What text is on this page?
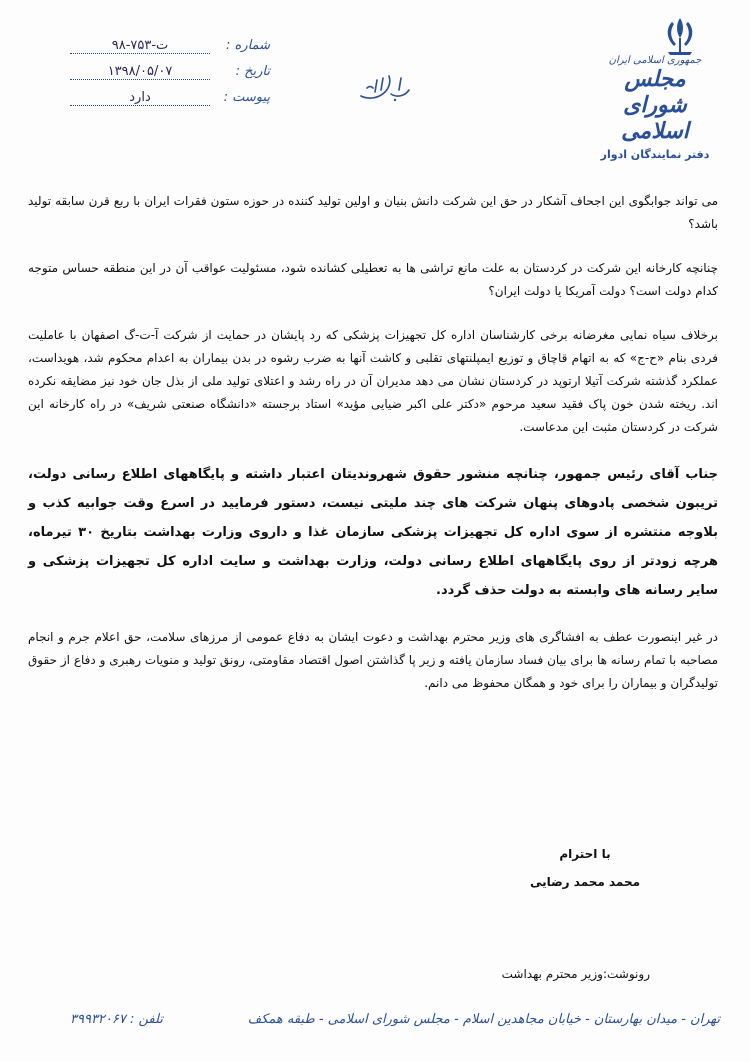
جمهوری اسلامی ایران
مجلس شورای اسلامی
دفتر نمایندگان ادوار
شماره :
ت-۷۵۳-۹۸
تاریخ :
۱۳۹۸/۰۵/۰۷
پیوست :
دارد

می تواند جوابگوی این اجحاف آشکار در حق این شرکت دانش بنیان و اولین تولید کننده در حوزه ستون فقرات ایران با ربع قرن سابقه تولید باشد؟

چنانچه کارخانه این شرکت در کردستان به علت مانع تراشی ها به تعطیلی کشانده شود، مسئولیت عواقب آن در این منطقه حساس متوجه کدام دولت است؟ دولت آمریکا یا دولت ایران؟

برخلاف سیاه نمایی مغرضانه برخی کارشناسان اداره کل تجهیزات پزشکی که رد پایشان در حمایت از شرکت آ-ت-گ اصفهان با عاملیت فردی بنام «ح-ج» که به اتهام قاچاق و توزیع ایمپلنتهای تقلبی و کاشت آنها به ضرب رشوه در بدن بیماران به اعدام محکوم شد، هویداست، عملکرد گذشته شرکت آتیلا ارتوپد در کردستان نشان می دهد مدیران آن در راه رشد و اعتلای تولید ملی از بذل جان خود نیز مضایقه نکرده اند. ریخته شدن خون پاک فقید سعید مرحوم «دکتر علی اکبر ضیایی مؤید» استاد برجسته «دانشگاه صنعتی شریف» در راه کارخانه این شرکت در کردستان مثبت این مدعاست.

جناب آقای رئیس جمهور، چنانچه منشور حقوق شهروندیتان اعتبار داشته و پایگاههای اطلاع رسانی دولت، تریبون شخصی پادوهای پنهان شرکت های چند ملیتی نیست، دستور فرمایید در اسرع وقت جوابیه کذب و بلاوجه منتشره از سوی اداره کل تجهیزات پزشکی سازمان غذا و داروی وزارت بهداشت بتاریخ ۳۰ تیرماه، هرچه زودتر از روی پایگاههای اطلاع رسانی دولت، وزارت بهداشت و سایت اداره کل تجهیزات پزشکی و سایر رسانه های وابسته به دولت حذف گردد.

در غیر اینصورت عطف به افشاگری های وزیر محترم بهداشت و دعوت ایشان به دفاع عمومی از مرزهای سلامت، حق اعلام جرم و انجام مصاحبه با تمام رسانه ها برای بیان فساد سازمان یافته و زیر پا گذاشتن اصول اقتصاد مقاومتی، رونق تولید و منویات رهبری و دفاع از حقوق تولیدگران و بیماران را برای خود و همگان محفوظ می دانم.

با احترام
محمد محمد رضایی
رونوشت:وزیر محترم بهداشت
تهران - میدان بهارستان - خیابان مجاهدین اسلام - مجلس شورای اسلامی - طبقه همکف
تلفن : ۳۹۹۳۲۰۶۷
